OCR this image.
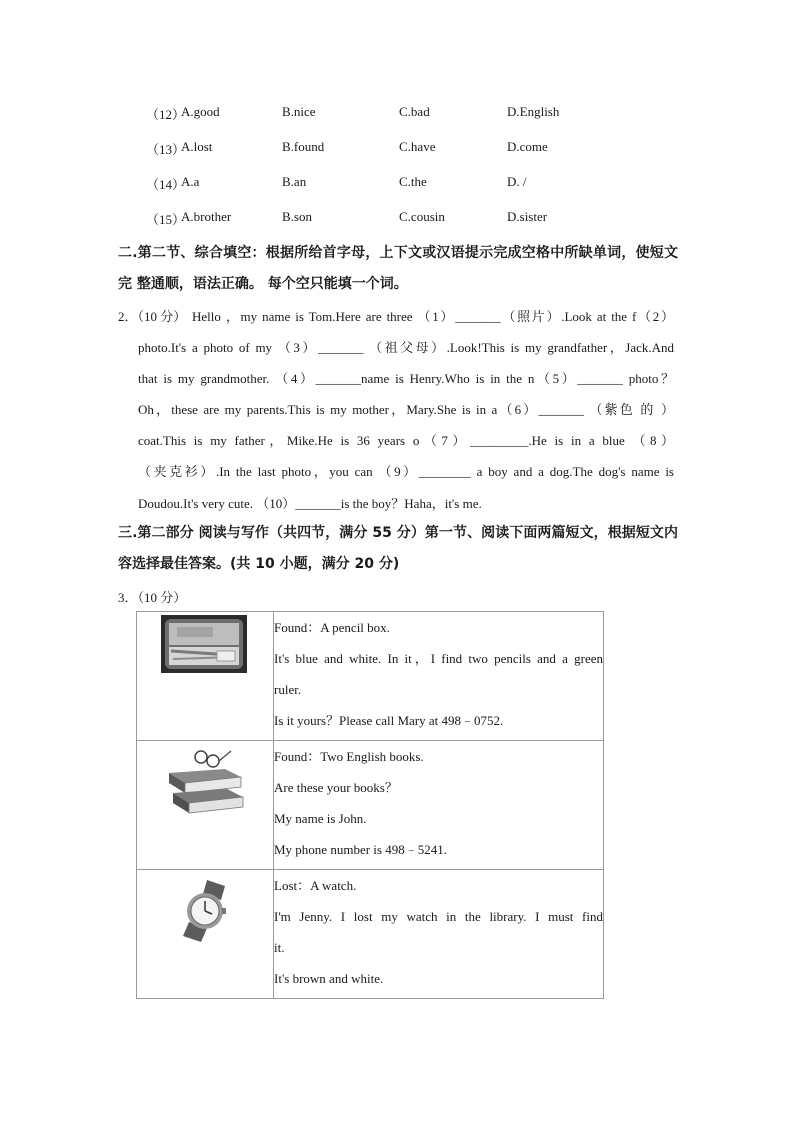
（12）
A.good	B.nice	C.bad	D.English
（13）
A.lost	B.found	C.have	D.come
（14）
A.a	B.an	C.the	D. /
（15）
A.brother	B.son	C.cousin	D.sister
二.第二节、综合填空：根据所给首字母，上下文或汉语提示完成空格中所缺单词，使短文
完 整通顺，语法正确。 每个空只能填一个词。
2．（10 分） Hello ，my name is Tom.Here are three （1）_______（照片）.Look at the f（2）
photo.It's a photo of my （3）_______ （祖父母）.Look!This is my grandfather，Jack.And
that is my grandmother. （4）_______name is Henry.Who is in the n（5）_______ photo？
Oh，these are my parents.This is my mother，Mary.She is in a（6）_______ （紫色 的 ）
coat.This is my father，Mike.He is 36 years o（7）_________.He is in a blue （8）
（夹克衫）.In the last photo，you can （9）________ a boy and a dog.The dog's name is
Doudou.It's very cute. （10）_______is the boy？Haha，it's me.
三.第二部分 阅读与写作（共四节，满分 55 分）第一节、阅读下面两篇短文，根据短文内
容选择最佳答案。(共 10 小题，满分 20 分)
3．（10 分）

Found：A pencil box.
It's blue and white. In it，I find two pencils and a green
ruler.
Is it yours？Please call Mary at 498﹣0752.

Found：Two English books.
Are these your books？
My name is John.
My phone number is 498﹣5241.

Lost：A watch.
I'm Jenny. I lost my watch in the library. I must find
it.
It's brown and white.
